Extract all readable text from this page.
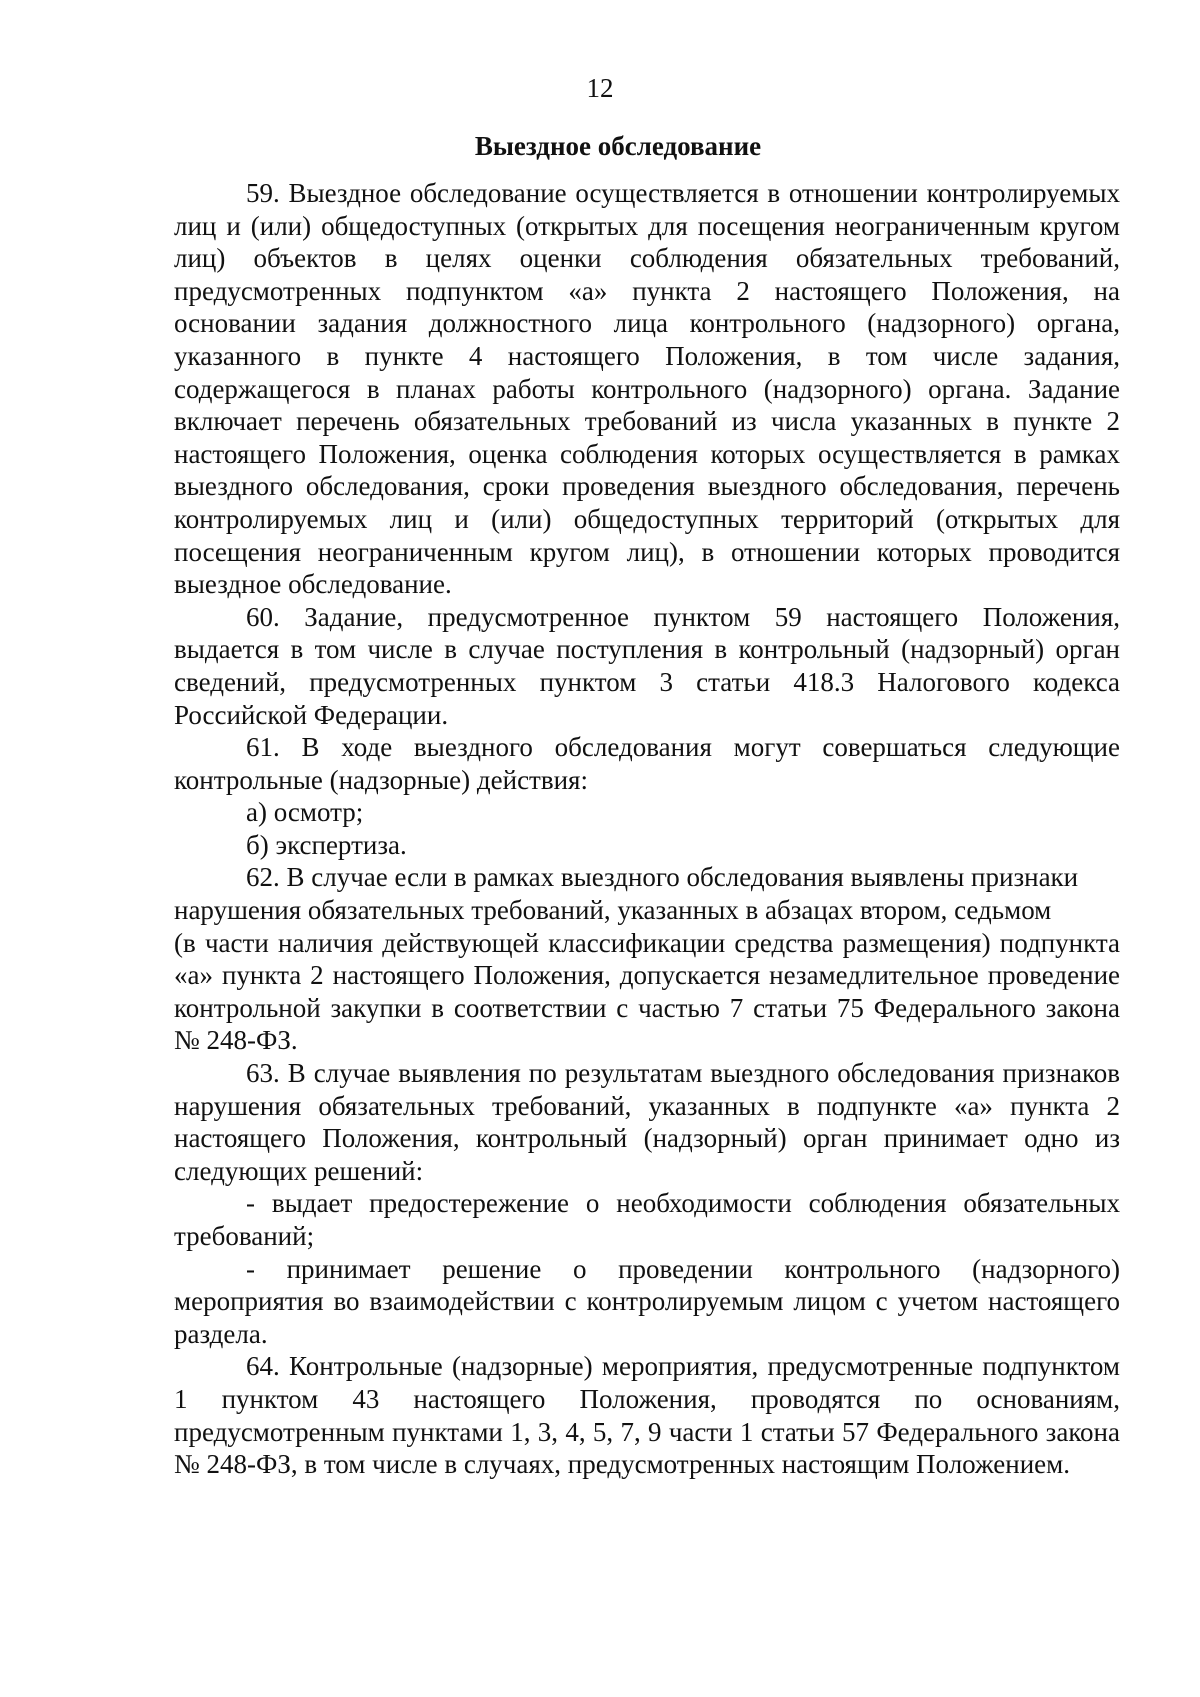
12
Выездное обследование

59. Выездное обследование осуществляется в отношении контролируемых лиц и (или) общедоступных (открытых для посещения неограниченным кругом лиц) объектов в целях оценки соблюдения обязательных требований, предусмотренных подпунктом «а» пункта 2 настоящего Положения, на основании задания должностного лица контрольного (надзорного) органа, указанного в пункте 4 настоящего Положения, в том числе задания, содержащегося в планах работы контрольного (надзорного) органа. Задание включает перечень обязательных требований из числа указанных в пункте 2 настоящего Положения, оценка соблюдения которых осуществляется в рамках выездного обследования, сроки проведения выездного обследования, перечень контролируемых лиц и (или) общедоступных территорий (открытых для посещения неограниченным кругом лиц), в отношении которых проводится выездное обследование.

60. Задание, предусмотренное пунктом 59 настоящего Положения, выдается в том числе в случае поступления в контрольный (надзорный) орган сведений, предусмотренных пунктом 3 статьи 418.3 Налогового кодекса Российской Федерации.

61. В ходе выездного обследования могут совершаться следующие контрольные (надзорные) действия:

а) осмотр;

б) экспертиза.

62. В случае если в рамках выездного обследования выявлены признаки нарушения обязательных требований, указанных в абзацах втором, седьмом

(в части наличия действующей классификации средства размещения) подпункта «а» пункта 2 настоящего Положения, допускается незамедлительное проведение контрольной закупки в соответствии с частью 7 статьи 75 Федерального закона № 248-ФЗ.

63. В случае выявления по результатам выездного обследования признаков нарушения обязательных требований, указанных в подпункте «а» пункта 2 настоящего Положения, контрольный (надзорный) орган принимает одно из следующих решений:

- выдает предостережение о необходимости соблюдения обязательных требований;

- принимает решение о проведении контрольного (надзорного) мероприятия во взаимодействии с контролируемым лицом с учетом настоящего раздела.

64. Контрольные (надзорные) мероприятия, предусмотренные подпунктом 1 пунктом 43 настоящего Положения, проводятся по основаниям, предусмотренным пунктами 1, 3, 4, 5, 7, 9 части 1 статьи 57 Федерального закона № 248-ФЗ, в том числе в случаях, предусмотренных настоящим Положением.
